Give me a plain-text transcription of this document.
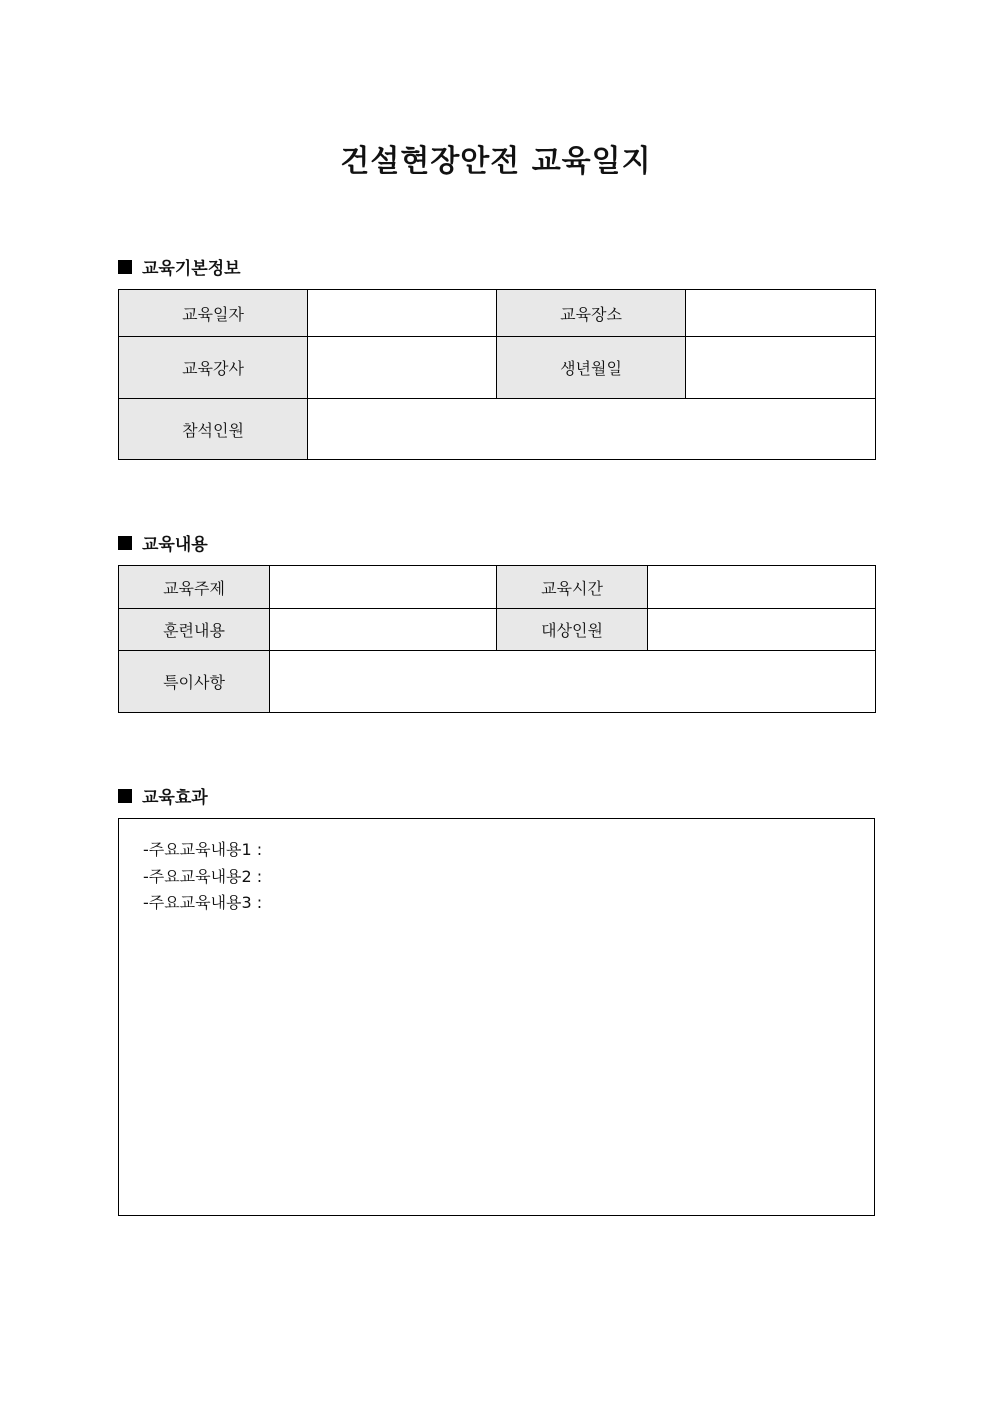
건설현장안전 교육일지
교육기본정보
교육일자		교육장소	
교육강사		생년월일	
참석인원			
교육내용
교육주제		교육시간	
훈련내용		대상인원	
특이사항			
교육효과
-주요교육내용1 :
-주요교육내용2 :
-주요교육내용3 :
